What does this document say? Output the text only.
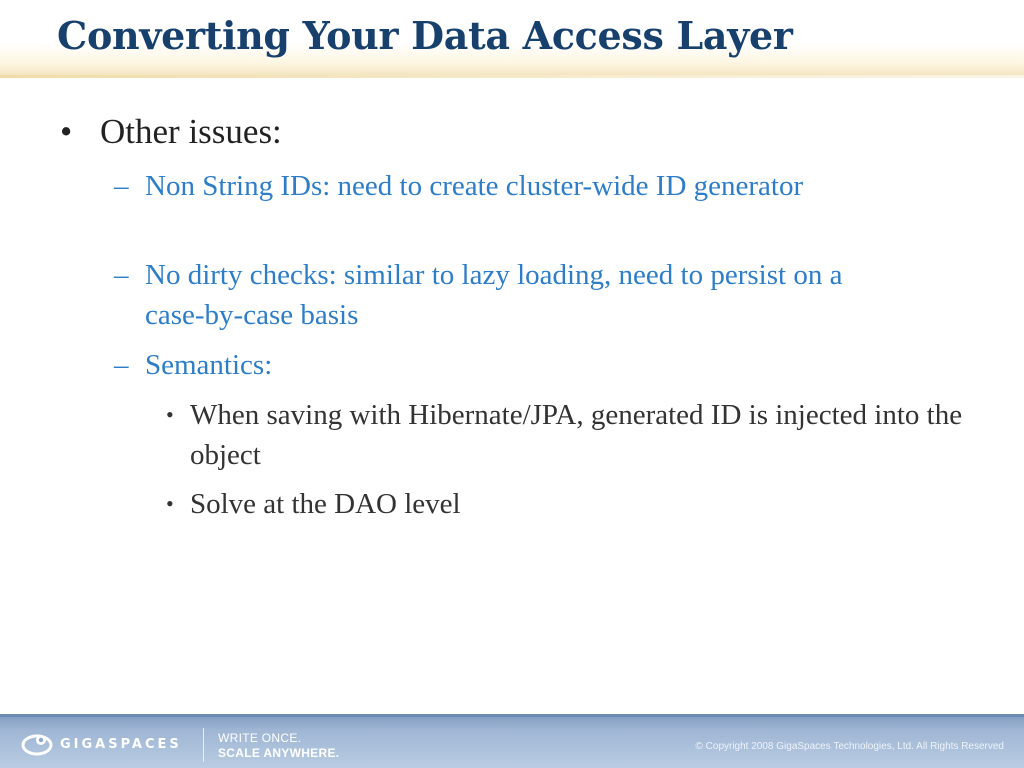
Converting Your Data Access Layer
• Other issues:
– Non String IDs: need to create cluster-wide ID generator
– No dirty checks: similar to lazy loading, need to persist on a case-by-case basis
– Semantics:
• When saving with Hibernate/JPA, generated ID is injected into the object
• Solve at the DAO level
GIGASPACES	WRITE ONCE.
SCALE ANYWHERE.	© Copyright 2008 GigaSpaces Technologies, Ltd. All Rights Reserved
